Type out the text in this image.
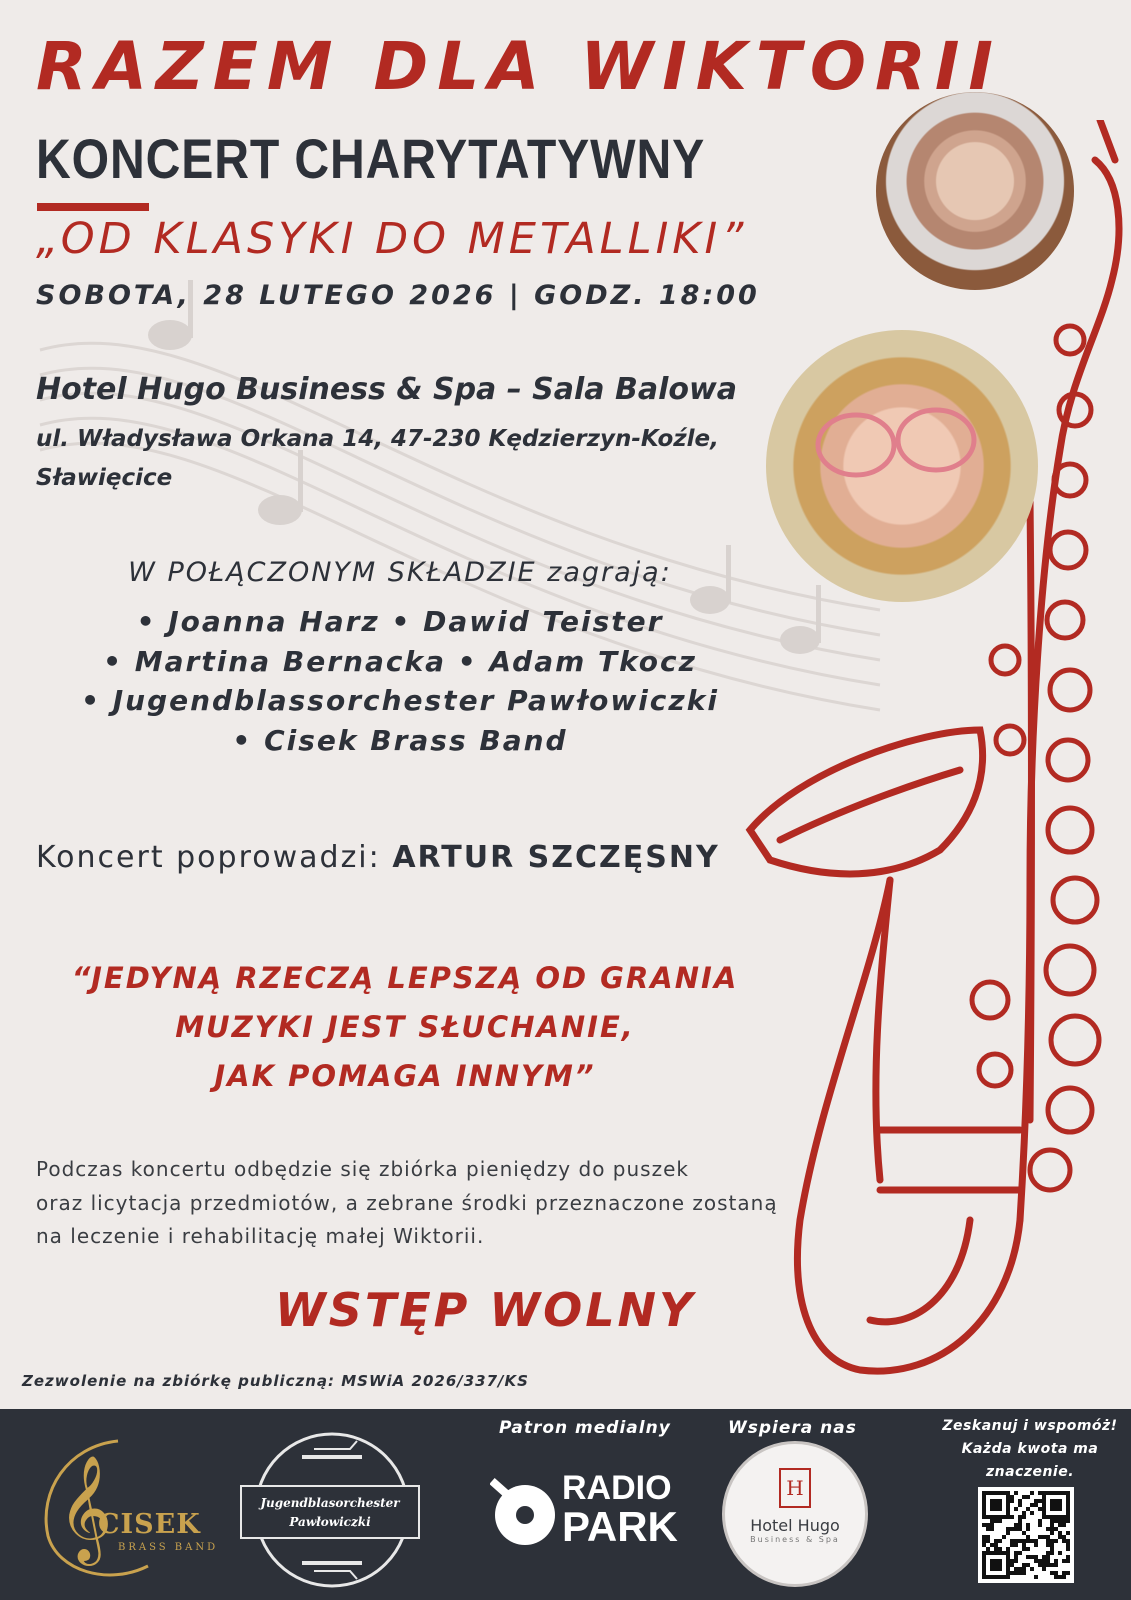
RAZEM DLA WIKTORII
KONCERT CHARYTATYWNY
„OD KLASYKI DO METALLIKI”
SOBOTA, 28 LUTEGO 2026 | GODZ. 18:00
Hotel Hugo Business & Spa – Sala Balowa
ul. Władysława Orkana 14, 47-230 Kędzierzyn-Koźle,
Sławięcice
W POŁĄCZONYM SKŁADZIE zagrają:
• Joanna Harz • Dawid Teister
• Martina Bernacka • Adam Tkocz
• Jugendblassorchester Pawłowiczki
• Cisek Brass Band
Koncert poprowadzi: ARTUR SZCZĘSNY
“JEDYNĄ RZECZĄ LEPSZĄ OD GRANIA
MUZYKI JEST SŁUCHANIE,
JAK POMAGA INNYM”
Podczas koncertu odbędzie się zbiórka pieniędzy do puszek
oraz licytacja przedmiotów, a zebrane środki przeznaczone zostaną
na leczenie i rehabilitację małej Wiktorii.
WSTĘP WOLNY
Zezwolenie na zbiórkę publiczną: MSWiA 2026/337/KS
𝄞
CISEK
BRASS BAND
Jugendblasorchester
Pawłowiczki
Patron medialny
RADIO
PARK
Wspiera nas
H
Hotel Hugo
Business & Spa
Zeskanuj i wspomóż!
Każda kwota ma
znaczenie.
